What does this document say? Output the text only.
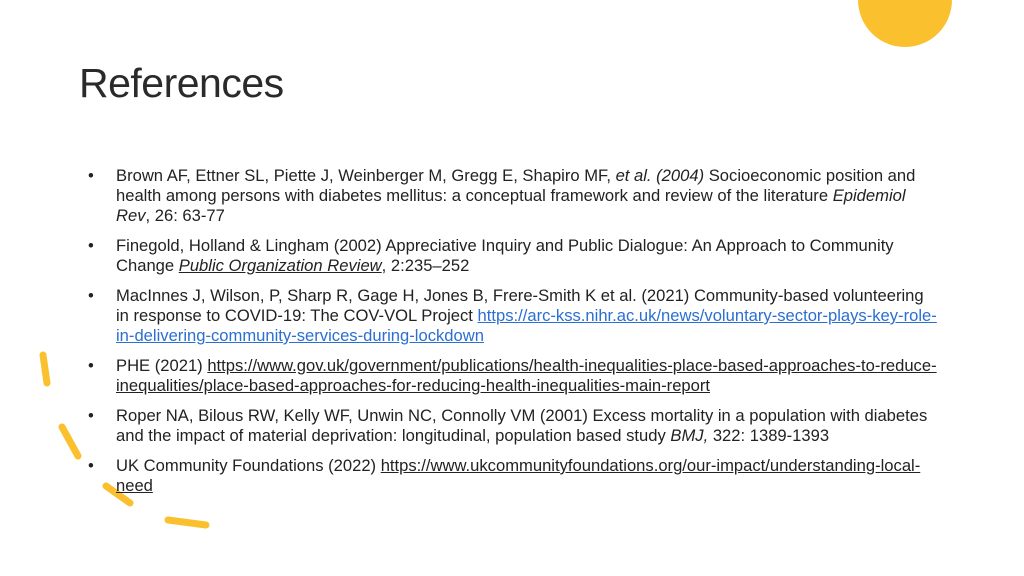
References
• Brown AF, Ettner SL, Piette J, Weinberger M, Gregg E, Shapiro MF, et al. (2004) Socioeconomic position and health among persons with diabetes mellitus: a conceptual framework and review of the literature Epidemiol Rev, 26: 63-77
• Finegold, Holland & Lingham (2002) Appreciative Inquiry and Public Dialogue: An Approach to Community Change Public Organization Review, 2:235–252
• MacInnes J, Wilson, P, Sharp R, Gage H, Jones B, Frere-Smith K et al. (2021) Community-based volunteering in response to COVID-19: The COV-VOL Project https://arc-kss.nihr.ac.uk/news/voluntary-sector-plays-key-role-in-delivering-community-services-during-lockdown
• PHE (2021) https://www.gov.uk/government/publications/health-inequalities-place-based-approaches-to-reduce-inequalities/place-based-approaches-for-reducing-health-inequalities-main-report
• Roper NA, Bilous RW, Kelly WF, Unwin NC, Connolly VM (2001) Excess mortality in a population with diabetes and the impact of material deprivation: longitudinal, population based study BMJ, 322: 1389-1393
• UK Community Foundations (2022) https://www.ukcommunityfoundations.org/our-impact/understanding-local-need
